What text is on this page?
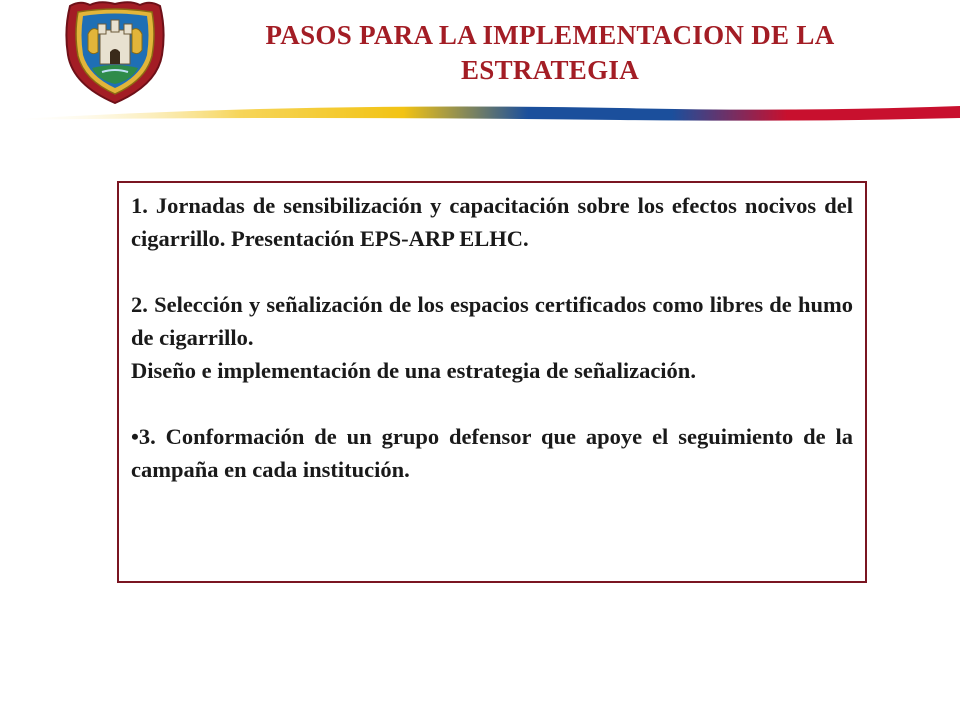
PASOS PARA LA IMPLEMENTACION DE LA
ESTRATEGIA

1. Jornadas de sensibilización y capacitación sobre los efectos nocivos del cigarrillo. Presentación EPS-ARP ELHC.

2. Selección y señalización de los espacios certificados como libres de humo de cigarrillo.

Diseño e implementación de una estrategia de señalización.

•3. Conformación de un grupo defensor que apoye el seguimiento de la campaña en cada institución.
